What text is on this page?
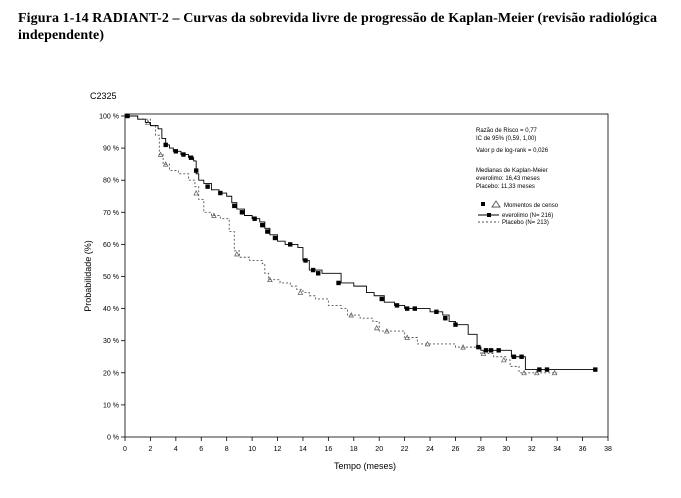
Figura 1-14 RADIANT-2 – Curvas da sobrevida livre de progressão de Kaplan-Meier (revisão radiológica independente)
C2325
0	2	4	6	8	10	12	14	16	18	20	22	24	26	28	30	32	34	36	38
0 %
10 %
20 %
30 %
40 %
50 %
60 %
70 %
80 %
90 %
100 %
Tempo (meses)
Probabilidade (%)
Razão de Risco = 0,77
IC de 95% (0,59, 1,00)
Valor p de log-rank = 0,026
Medianas de Kaplan-Meier
everolimo: 16,43 meses
Placebo: 11,33 meses
Momentos de censo
everolimo (N= 216)
Placebo (N= 213)
